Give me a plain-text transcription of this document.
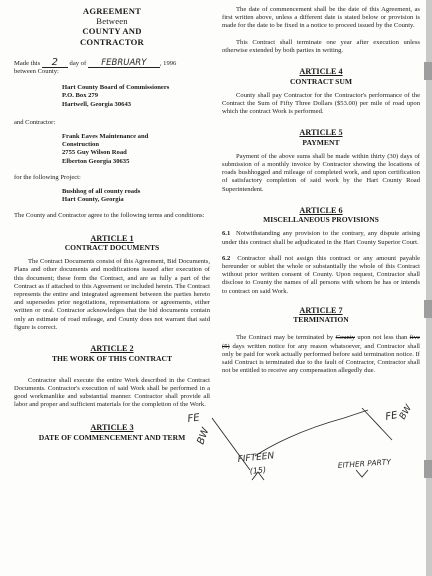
AGREEMENT
Between
COUNTY AND
CONTRACTOR

Made this 2 day of FEBRUARY , 1996

between County:

Hart County Board of Commissioners
P.O. Box 279
Hartwell, Georgia 30643

and Contractor:

Frank Eaves Maintenance and
Construction
2755 Guy Wilson Road
Elberton Georgia 30635

for the following Project:

Bushhog of all county roads
Hart County, Georgia

The County and Contractor agree to the following terms and conditions:

ARTICLE 1
CONTRACT DOCUMENTS

The Contract Documents consist of this Agreement, Bid Documents, Plans and other documents and modifications issued after execution of this document; these form the Contract, and are as fully a part of the Contract as if attached to this Agreement or included herein. The Contract represents the entire and integrated agreement between the parties hereto and supersedes prior negotiations, representations or agreements, either written or oral. Contractor acknowledges that the bid documents contain only an estimate of road mileage, and County does not warrant that said figure is correct.

ARTICLE 2
THE WORK OF THIS CONTRACT

Contractor shall execute the entire Work described in the Contract Documents. Contractor's execution of said Work shall be performed in a good workmanlike and substantial manner. Contractor shall provide all labor and proper and sufficient materials for the completion of the Work.

ARTICLE 3
DATE OF COMMENCEMENT AND TERM

The date of commencement shall be the date of this Agreement, as first written above, unless a different date is stated below or provision is made for the date to be fixed in a notice to proceed issued by the County.

This Contract shall terminate one year after execution unless otherwise extended by both parties in writing.

ARTICLE 4
CONTRACT SUM

County shall pay Contractor for the Contractor's performance of the Contract the Sum of Fifty Three Dollars ($53.00) per mile of road upon which the contract Work is performed.

ARTICLE 5
PAYMENT

Payment of the above sums shall be made within thirty (30) days of submission of a monthly invoice by Contractor showing the locations of roads bushhogged and mileage of completed work, and upon certification of satisfactory completion of said work by the Hart County Road Superintendent.

ARTICLE 6
MISCELLANEOUS PROVISIONS

6.1 Notwithstanding any provision to the contrary, any dispute arising under this contract shall be adjudicated in the Hart County Superior Court.

6.2 Contractor shall not assign this contract or any amount payable hereunder or sublet the whole or substantially the whole of this Contract without prior written consent of County. Upon request, Contractor shall disclose to County the names of all persons with whom he has or intends to contract on said Work.

ARTICLE 7
TERMINATION

The Contract may be terminated by County upon not less than five (5) days written notice for any reason whatsoever, and Contractor shall only be paid for work actually performed before said termination notice. If said Contract is terminated due to the fault of Contractor, Contractor shall not be entitled to receive any compensation allegedly due.

FE
BW
FIFTEEN
(15)
EITHER PARTY
FE BW
